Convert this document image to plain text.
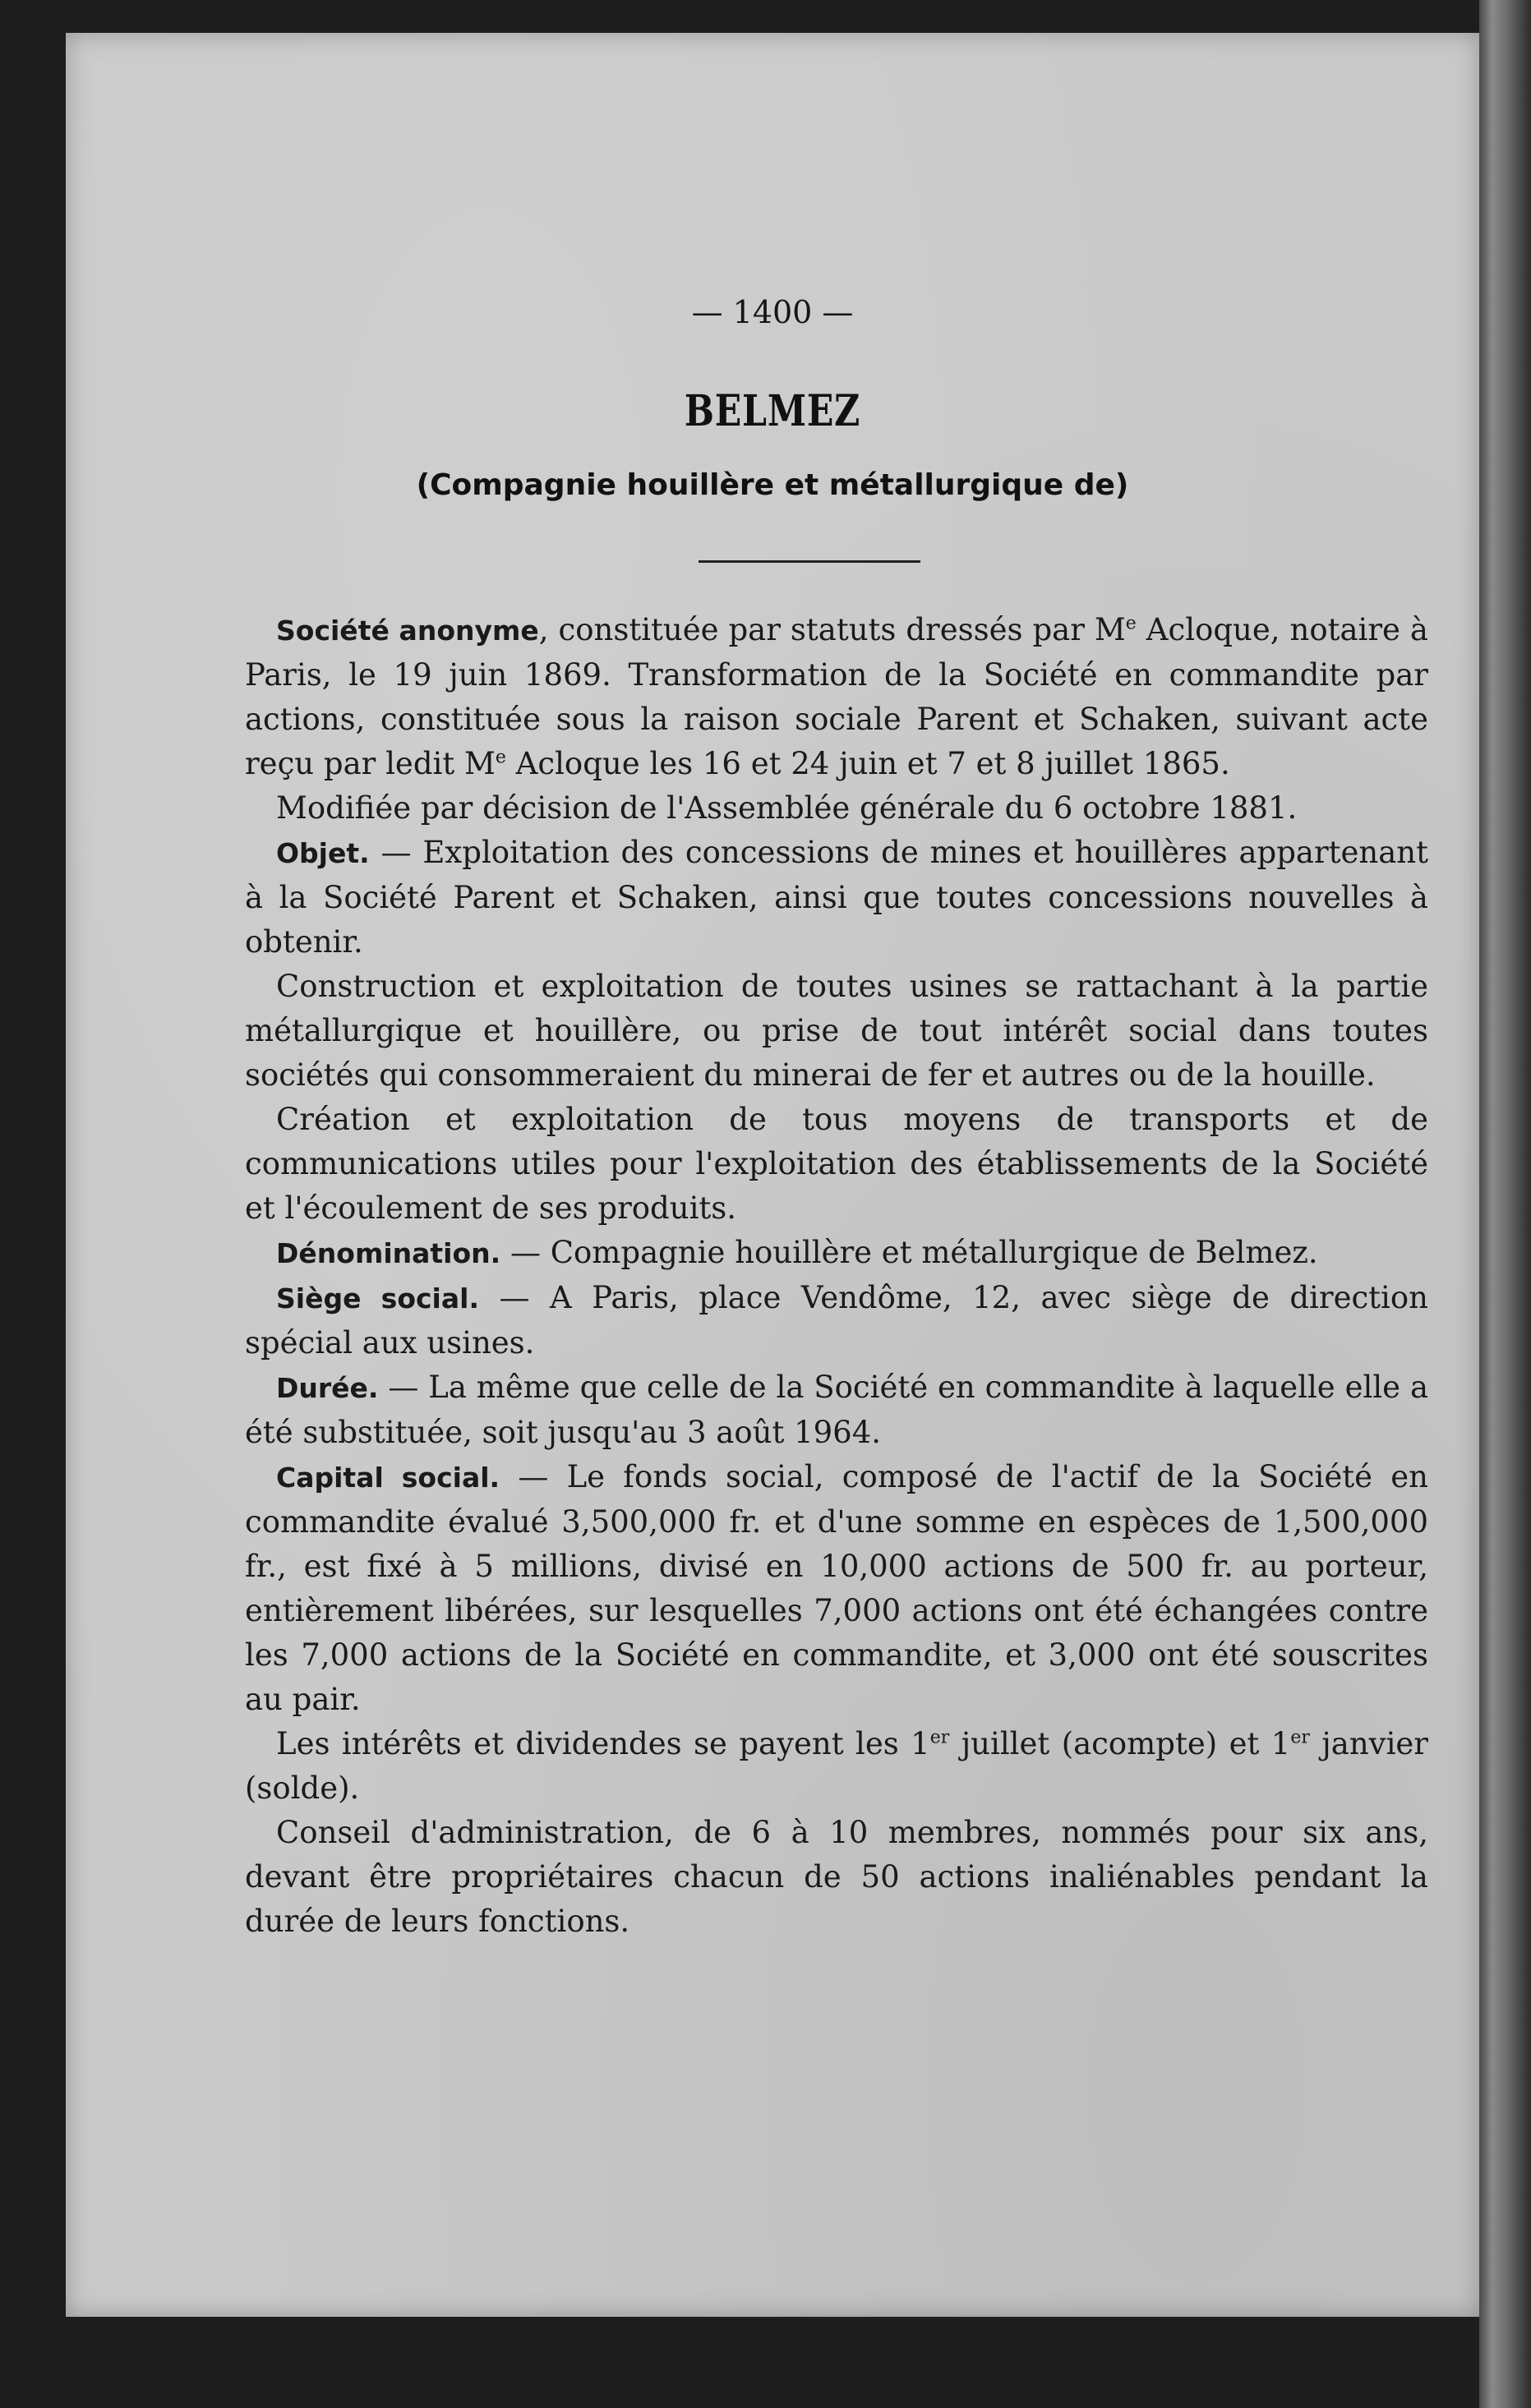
— 1400 —
BELMEZ
(Compagnie houillère et métallurgique de)

Société anonyme, constituée par statuts dressés par Me Acloque, notaire à Paris, le 19 juin 1869. Transformation de la Société en commandite par actions, constituée sous la raison sociale Parent et Schaken, suivant acte reçu par ledit Me Acloque les 16 et 24 juin et 7 et 8 juillet 1865.

Modifiée par décision de l'Assemblée générale du 6 octobre 1881.

Objet. — Exploitation des concessions de mines et houillères appartenant à la Société Parent et Schaken, ainsi que toutes concessions nouvelles à obtenir.

Construction et exploitation de toutes usines se rattachant à la partie métallurgique et houillère, ou prise de tout intérêt social dans toutes sociétés qui consommeraient du minerai de fer et autres ou de la houille.

Création et exploitation de tous moyens de transports et de communications utiles pour l'exploitation des établissements de la Société et l'écoulement de ses produits.

Dénomination. — Compagnie houillère et métallurgique de Belmez.

Siège social. — A Paris, place Vendôme, 12, avec siège de direction spécial aux usines.

Durée. — La même que celle de la Société en commandite à laquelle elle a été substituée, soit jusqu'au 3 août 1964.

Capital social. — Le fonds social, composé de l'actif de la Société en commandite évalué 3,500,000 fr. et d'une somme en espèces de 1,500,000 fr., est fixé à 5 millions, divisé en 10,000 actions de 500 fr. au porteur, entièrement libérées, sur lesquelles 7,000 actions ont été échangées contre les 7,000 actions de la Société en commandite, et 3,000 ont été souscrites au pair.

Les intérêts et dividendes se payent les 1er juillet (acompte) et 1er janvier (solde).

Conseil d'administration, de 6 à 10 membres, nommés pour six ans, devant être propriétaires chacun de 50 actions inaliénables pendant la durée de leurs fonctions.
